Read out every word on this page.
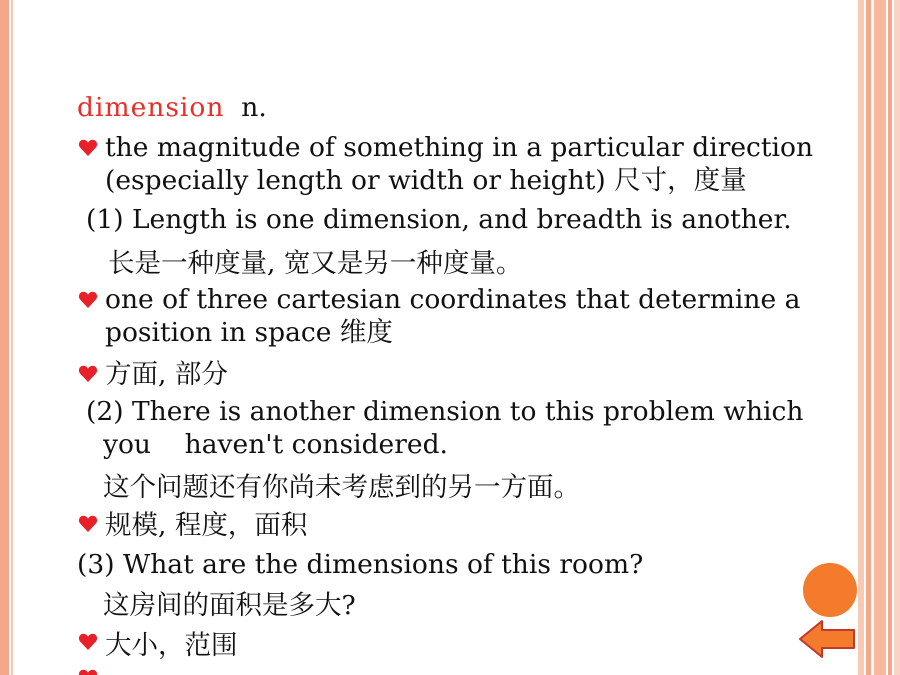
dimension n.
the magnitude of something in a particular direction
(especially length or width or height) 尺寸，度量
(1) Length is one dimension, and breadth is another.
长是一种度量, 宽又是另一种度量。
one of three cartesian coordinates that determine a
position in space 维度
方面, 部分
(2) There is another dimension to this problem which
you    haven't considered.
这个问题还有你尚未考虑到的另一方面。
规模, 程度，面积
(3) What are the dimensions of this room?
这房间的面积是多大?
大小，范围
